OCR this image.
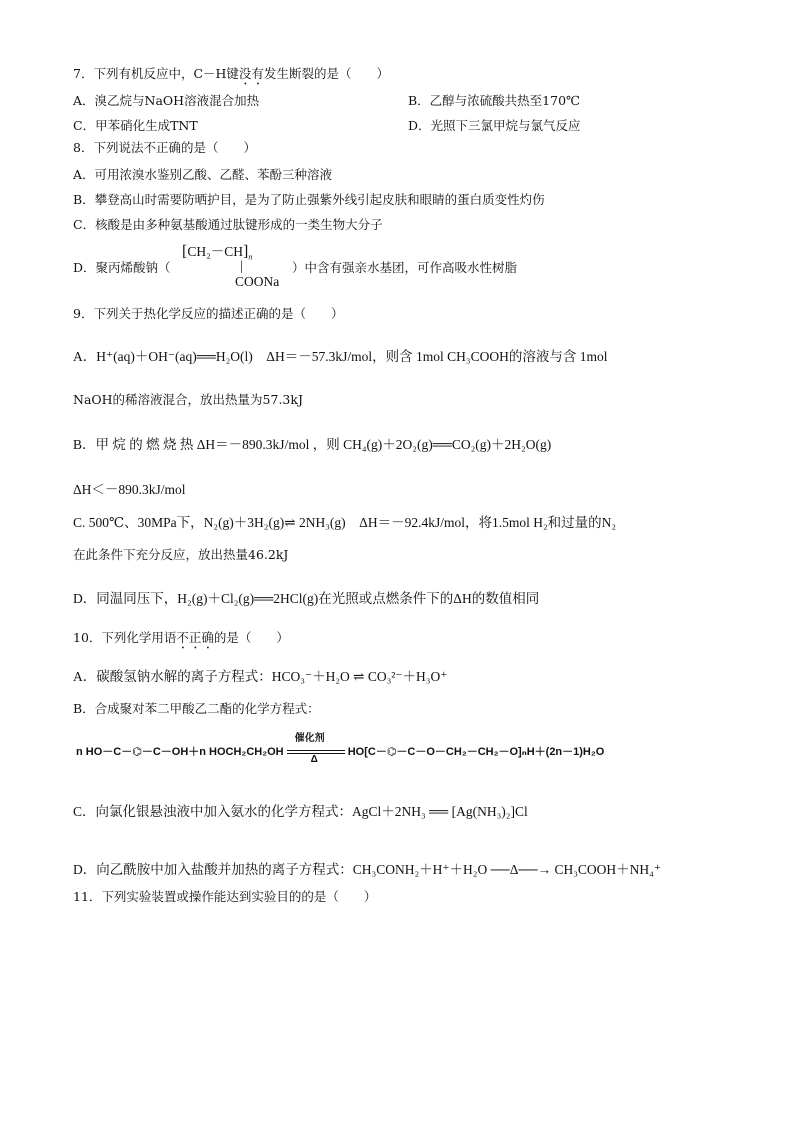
7．下列有机反应中，C－H键没有发生断裂的是（　　）
A．溴乙烷与NaOH溶液混合加热	B．乙醇与浓硫酸共热至170℃
C．甲苯硝化生成TNT	D．光照下三氯甲烷与氯气反应
8．下列说法不正确的是（　　）
A．可用浓溴水鉴别乙酸、乙醛、苯酚三种溶液
B．攀登高山时需要防晒护目，是为了防止强紫外线引起皮肤和眼睛的蛋白质变性灼伤
C．核酸是由多种氨基酸通过肽键形成的一类生物大分子
D．聚丙烯酸钠（
$[CH_2-CH]_n$
|
COONa
）中含有强亲水基团，可作高吸水性树脂
9．下列关于热化学反应的描述正确的是（　　）
A．H⁺(aq)＋OH⁻(aq)══H₂O(l)　ΔH＝－57.3kJ/mol，则含 1mol CH₃COOH的溶液与含 1mol
NaOH的稀溶液混合，放出热量为57.3kJ
B．甲 烷 的 燃 烧 热 ΔH＝－890.3kJ/mol ，则 CH₄(g)＋2O₂(g)══CO₂(g)＋2H₂O(g)
ΔH＜－890.3kJ/mol
C. 500℃、30MPa下，N₂(g)＋3H₂(g)⇌ 2NH₃(g)　ΔH＝－92.4kJ/mol，将1.5mol H₂和过量的N₂
在此条件下充分反应，放出热量46.2kJ
D．同温同压下，H₂(g)＋Cl₂(g)══2HCl(g)在光照或点燃条件下的ΔH的数值相同
10．下列化学用语不正确的是（　　）
A．碳酸氢钠水解的离子方程式：HCO₃⁻＋H₂O ⇌ CO₃²⁻＋H₃O⁺
B．合成聚对苯二甲酸乙二酯的化学方程式：
n HO－C－⌬－C－OH＋n HOCH₂CH₂OH
催化剂
Δ
HO[C－⌬－C－O－CH₂－CH₂－O]ₙH＋(2n－1)H₂O
C．向氯化银悬浊液中加入氨水的化学方程式：AgCl＋2NH₃ ══ [Ag(NH₃)₂]Cl
D．向乙酰胺中加入盐酸并加热的离子方程式：CH₃CONH₂＋H⁺＋H₂O ──Δ──→ CH₃COOH＋NH₄⁺
11．下列实验装置或操作能达到实验目的的是（　　）
